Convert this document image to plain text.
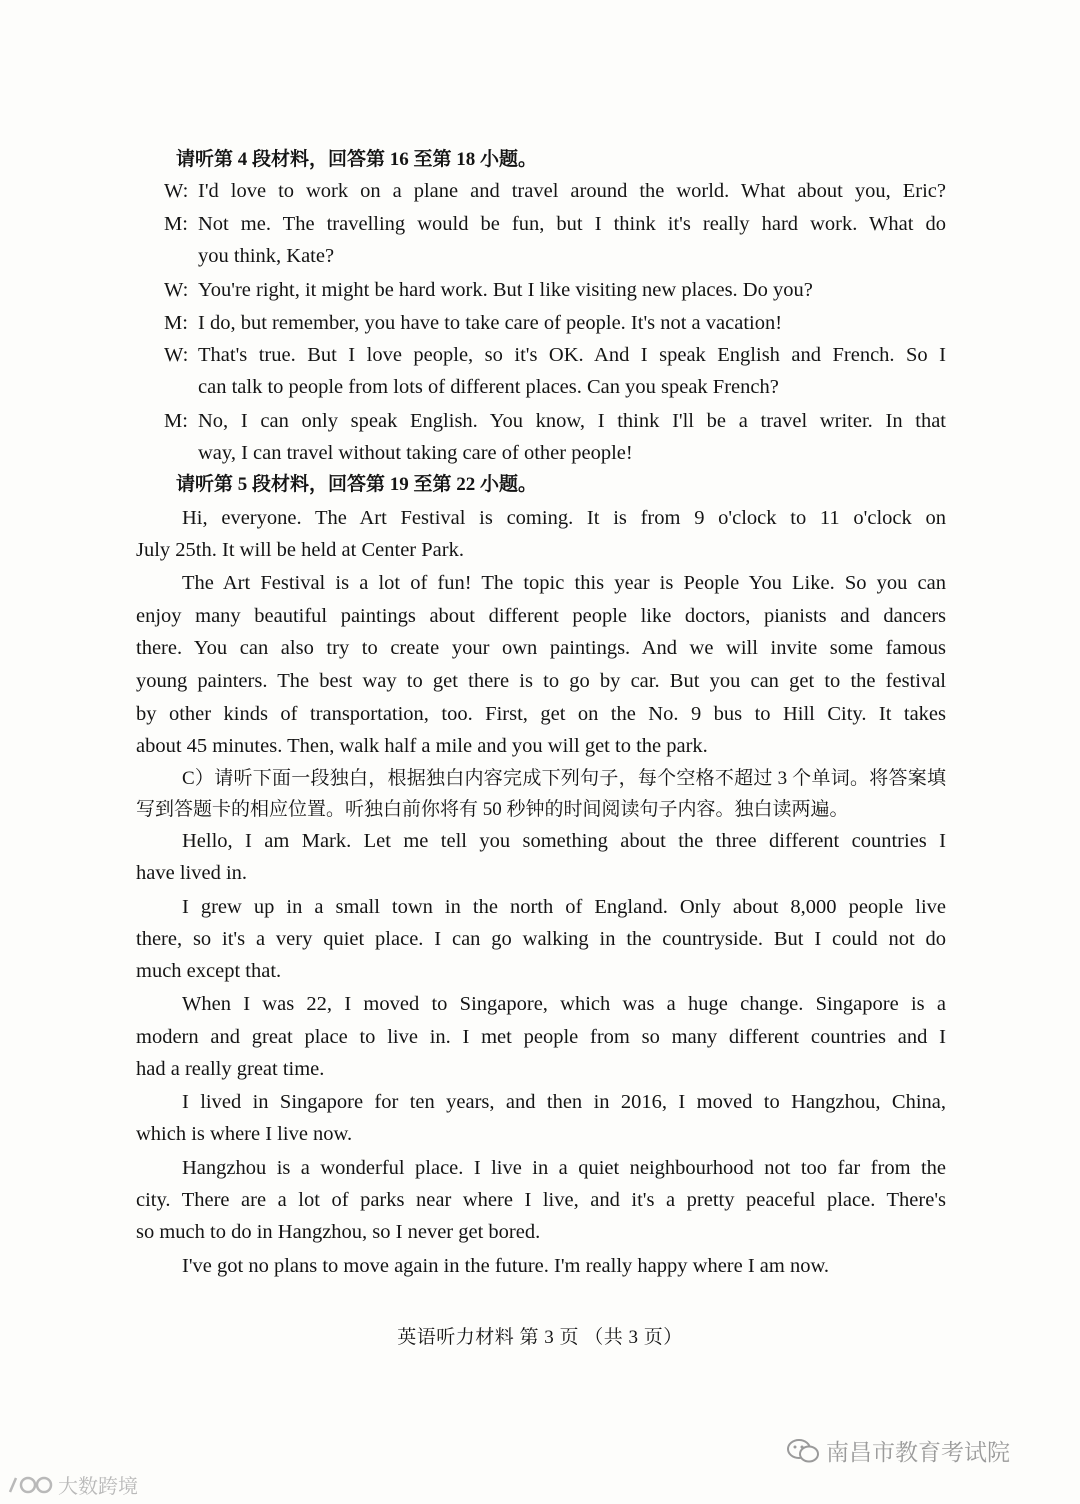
请听第 4 段材料，回答第 16 至第 18 小题。
W: I'd love to work on a plane and travel around the world. What about you, Eric?
M: Not me. The travelling would be fun, but I think it's really hard work. What do
you think, Kate?
W: You're right, it might be hard work. But I like visiting new places. Do you?
M: I do, but remember, you have to take care of people. It's not a vacation!
W: That's true. But I love people, so it's OK. And I speak English and French. So I
can talk to people from lots of different places. Can you speak French?
M: No, I can only speak English. You know, I think I'll be a travel writer. In that
way, I can travel without taking care of other people!
请听第 5 段材料，回答第 19 至第 22 小题。
Hi, everyone. The Art Festival is coming. It is from 9 o'clock to 11 o'clock on
July 25th. It will be held at Center Park.
The Art Festival is a lot of fun! The topic this year is People You Like. So you can
enjoy many beautiful paintings about different people like doctors, pianists and dancers
there. You can also try to create your own paintings. And we will invite some famous
young painters. The best way to get there is to go by car. But you can get to the festival
by other kinds of transportation, too. First, get on the No. 9 bus to Hill City. It takes
about 45 minutes. Then, walk half a mile and you will get to the park.
C）请听下面一段独白，根据独白内容完成下列句子，每个空格不超过 3 个单词。将答案填
写到答题卡的相应位置。听独白前你将有 50 秒钟的时间阅读句子内容。独白读两遍。
Hello, I am Mark. Let me tell you something about the three different countries I
have lived in.
I grew up in a small town in the north of England. Only about 8,000 people live
there, so it's a very quiet place. I can go walking in the countryside. But I could not do
much except that.
When I was 22, I moved to Singapore, which was a huge change. Singapore is a
modern and great place to live in. I met people from so many different countries and I
had a really great time.
I lived in Singapore for ten years, and then in 2016, I moved to Hangzhou, China,
which is where I live now.
Hangzhou is a wonderful place. I live in a quiet neighbourhood not too far from the
city. There are a lot of parks near where I live, and it's a pretty peaceful place. There's
so much to do in Hangzhou, so I never get bored.
I've got no plans to move again in the future. I'm really happy where I am now.
英语听力材料 第 3 页 （共 3 页）
南昌市教育考试院
大数跨境
